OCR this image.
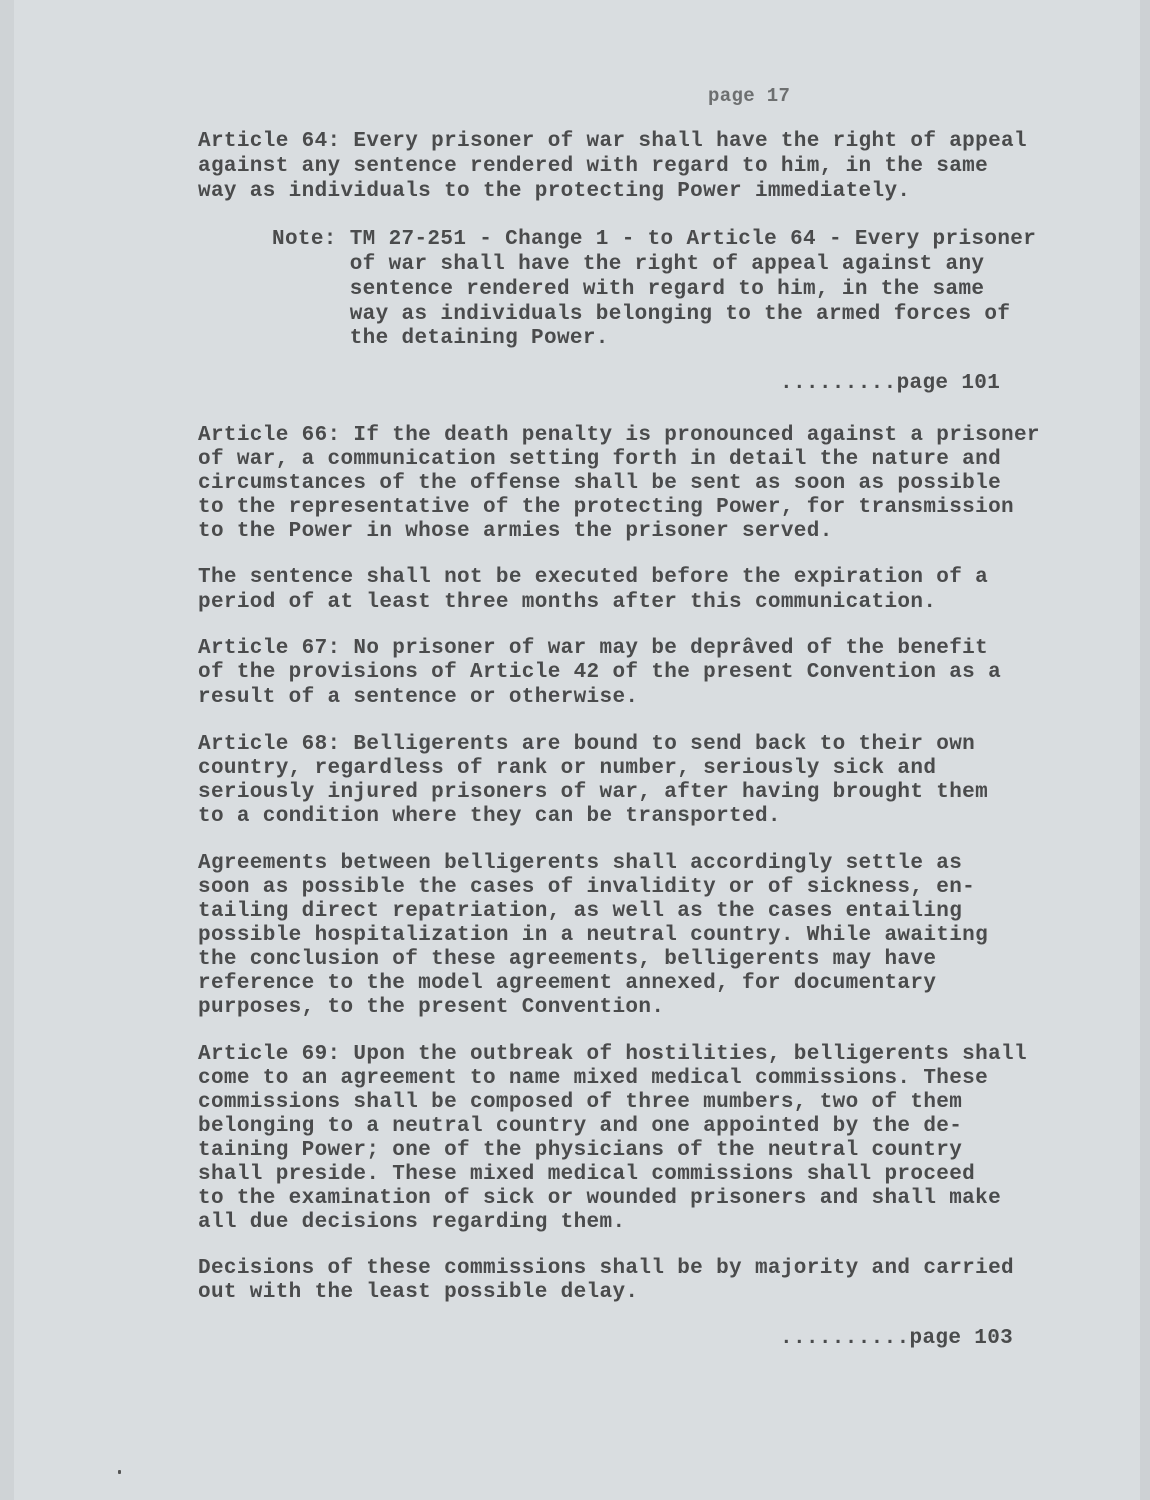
page 17

Article 64: Every prisoner of war shall have the right of appeal

against any sentence rendered with regard to him, in the same

way as individuals to the protecting Power immediately.

Note: TM 27-251 - Change 1 - to Article 64 - Every prisoner

of war shall have the right of appeal against any

sentence rendered with regard to him, in the same

way as individuals belonging to the armed forces of

the detaining Power.

.........page 101

Article 66: If the death penalty is pronounced against a prisoner

of war, a communication setting forth in detail the nature and

circumstances of the offense shall be sent as soon as possible

to the representative of the protecting Power, for transmission

to the Power in whose armies the prisoner served.

The sentence shall not be executed before the expiration of a

period of at least three months after this communication.

Article 67: No prisoner of war may be deprâved of the benefit

of the provisions of Article 42 of the present Convention as a

result of a sentence or otherwise.

Article 68: Belligerents are bound to send back to their own

country, regardless of rank or number, seriously sick and

seriously injured prisoners of war, after having brought them

to a condition where they can be transported.

Agreements between belligerents shall accordingly settle as

soon as possible the cases of invalidity or of sickness, en-

tailing direct repatriation, as well as the cases entailing

possible hospitalization in a neutral country. While awaiting

the conclusion of these agreements, belligerents may have

reference to the model agreement annexed, for documentary

purposes, to the present Convention.

Article 69: Upon the outbreak of hostilities, belligerents shall

come to an agreement to name mixed medical commissions. These

commissions shall be composed of three mumbers, two of them

belonging to a neutral country and one appointed by the de-

taining Power; one of the physicians of the neutral country

shall preside. These mixed medical commissions shall proceed

to the examination of sick or wounded prisoners and shall make

all due decisions regarding them.

Decisions of these commissions shall be by majority and carried

out with the least possible delay.

..........page 103
